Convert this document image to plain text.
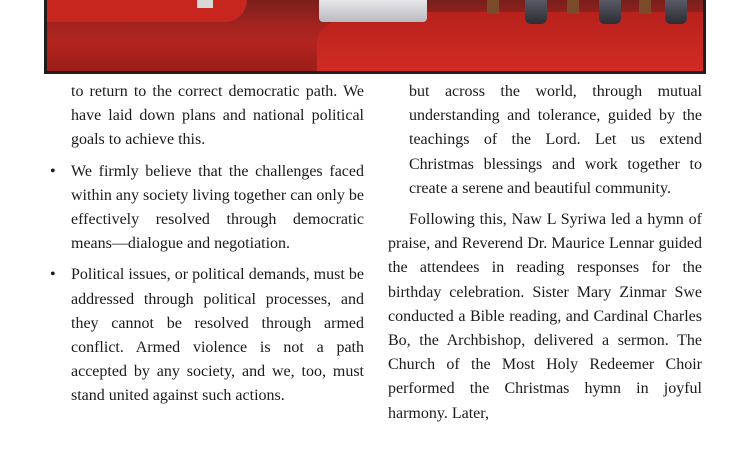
to return to the correct democratic path. We have laid down plans and national political goals to achieve this.

• We firmly believe that the challenges faced within any society living together can only be effectively resolved through democratic means—dialogue and negotiation.
• Political issues, or political demands, must be addressed through political processes, and they cannot be resolved through armed conflict. Armed violence is not a path accepted by any society, and we, too, must stand united against such actions.

but across the world, through mutual understanding and tolerance, guided by the teachings of the Lord. Let us extend Christmas blessings and work together to create a serene and beautiful community.

Following this, Naw L Syriwa led a hymn of praise, and Reverend Dr. Maurice Lennar guided the attendees in reading responses for the birthday celebration. Sister Mary Zinmar Swe conducted a Bible reading, and Cardinal Charles Bo, the Archbishop, delivered a sermon. The Church of the Most Holy Redeemer Choir performed the Christmas hymn in joyful harmony. Later,
